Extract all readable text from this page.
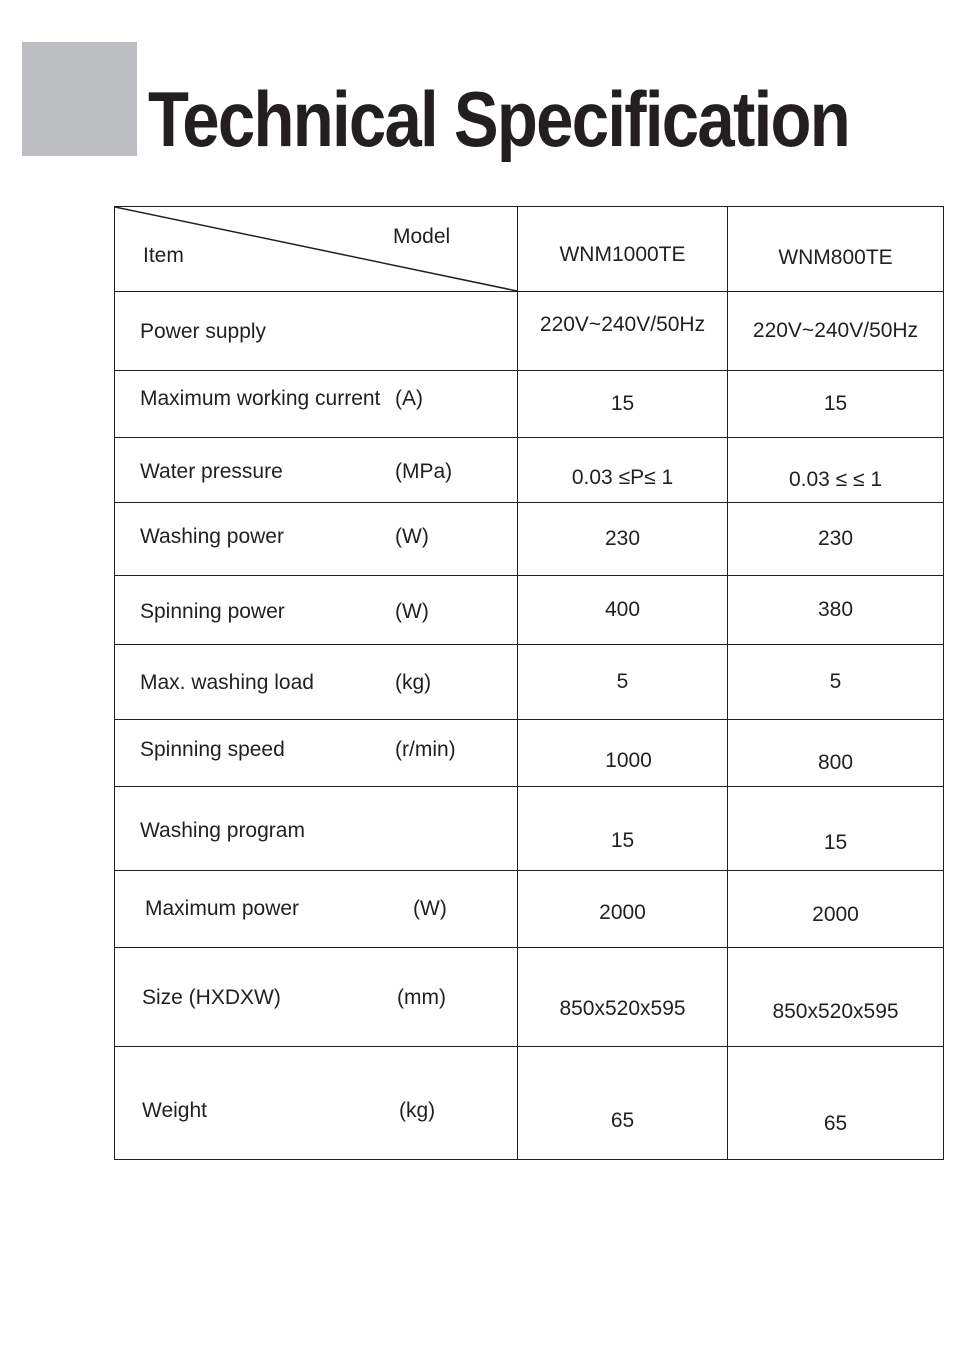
Technical Specification
Item
Model	WNM1000TE	WNM800TE

Power supply	220V~240V/50Hz	220V~240V/50Hz

Maximum working current (A)	15	15

Water pressure (MPa)	0.03 ≤P≤ 1	0.03 ≤ ≤ 1

Washing power (W)	230	230

Spinning power (W)	400	380

Max. washing load (kg)	5	5

Spinning speed (r/min)	1000	800

Washing program	15	15

Maximum power (W)	2000	2000

Size (HXDXW) (mm)	850x520x595	850x520x595

Weight (kg)	65	65
